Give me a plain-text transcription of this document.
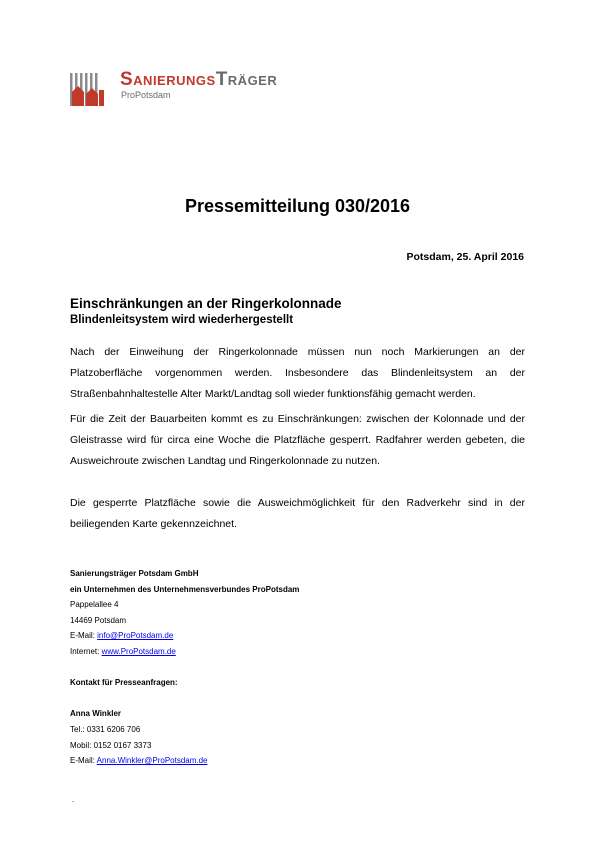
SanierungsTräger
ProPotsdam
Pressemitteilung 030/2016
Potsdam, 25. April 2016
Einschränkungen an der Ringerkolonnade
Blindenleitsystem wird wiederhergestellt

Nach der Einweihung der Ringerkolonnade müssen nun noch Markierungen an der Platzoberfläche vorgenommen werden. Insbesondere das Blindenleitsystem an der Straßenbahnhaltestelle Alter Markt/Landtag soll wieder funktionsfähig gemacht werden.

Für die Zeit der Bauarbeiten kommt es zu Einschränkungen: zwischen der Kolonnade und der Gleistrasse wird für circa eine Woche die Platzfläche gesperrt. Radfahrer werden gebeten, die Ausweichroute zwischen Landtag und Ringerkolonnade zu nutzen.

Die gesperrte Platzfläche sowie die Ausweichmöglichkeit für den Radverkehr sind in der beiliegenden Karte gekennzeichnet.

Sanierungsträger Potsdam GmbH
ein Unternehmen des Unternehmensverbundes ProPotsdam
Pappelallee 4
14469 Potsdam
E-Mail: info@ProPotsdam.de
Internet: www.ProPotsdam.de
Kontakt für Presseanfragen:
Anna Winkler
Tel.: 0331 6206 706
Mobil: 0152 0167 3373
E-Mail: Anna.Winkler@ProPotsdam.de
.
